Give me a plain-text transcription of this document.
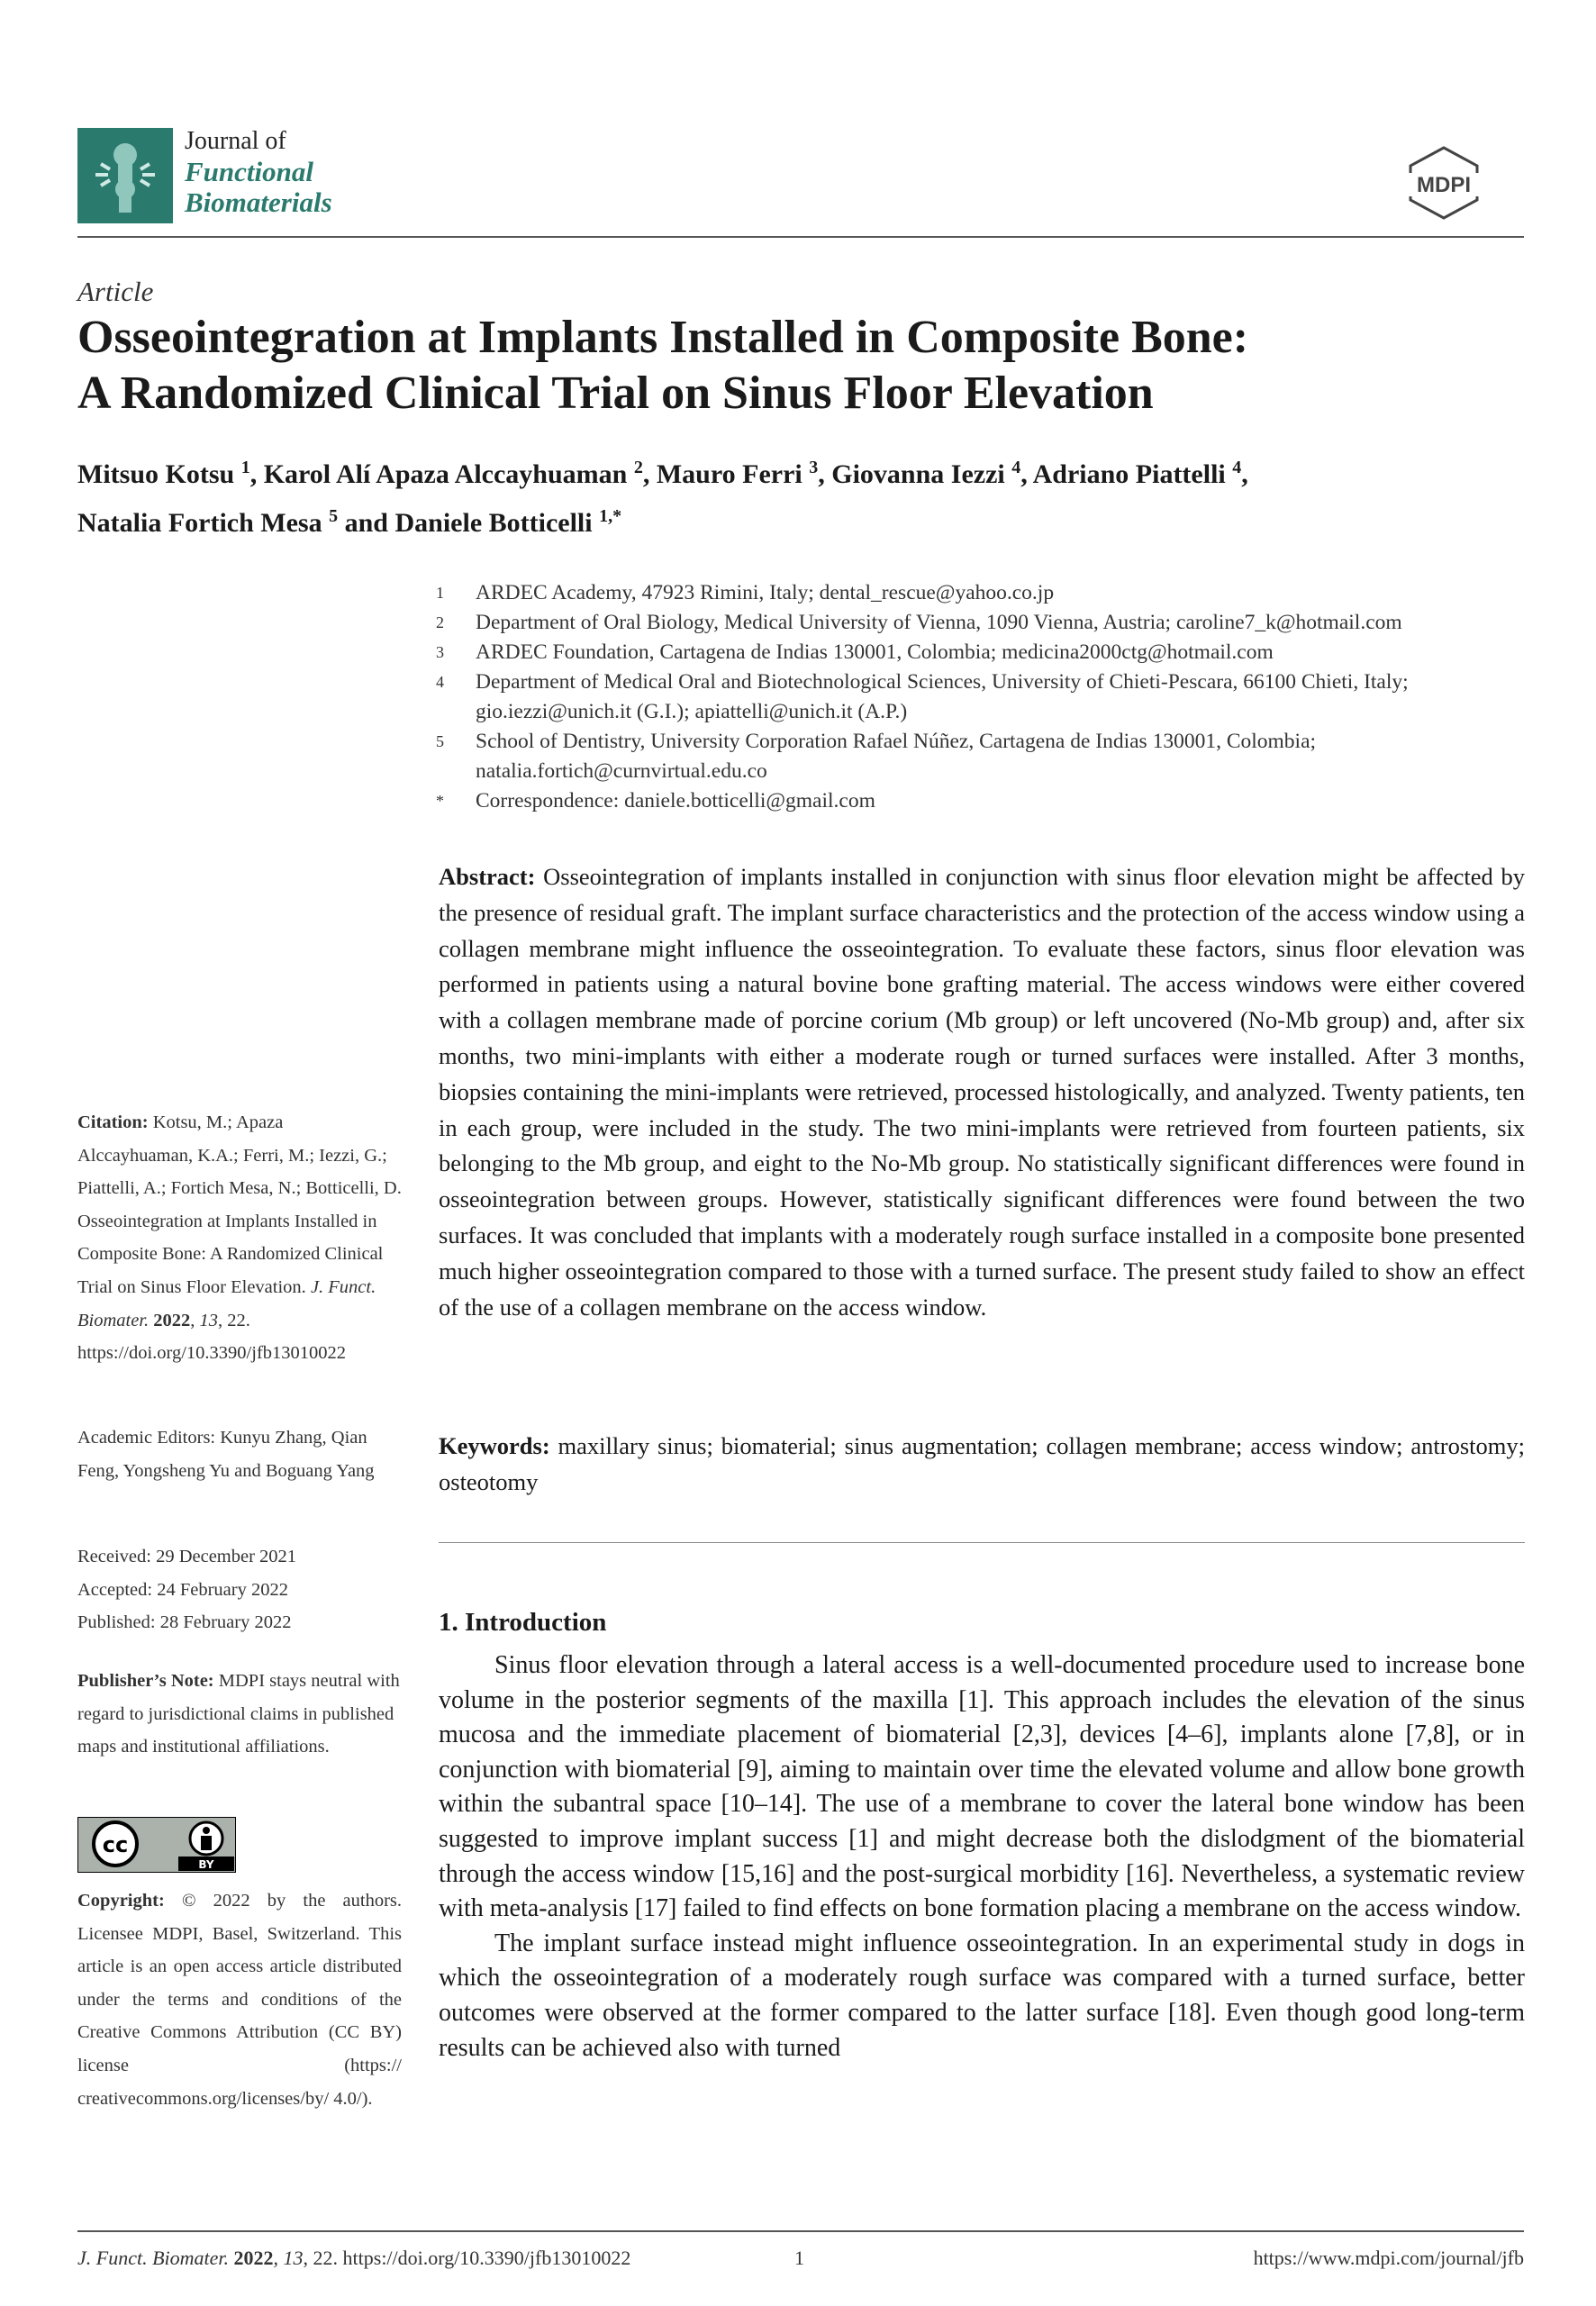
Journal of
Functional
Biomaterials
MDPI
Article
Osseointegration at Implants Installed in Composite Bone:
A Randomized Clinical Trial on Sinus Floor Elevation
Mitsuo Kotsu $^1$, Karol Alí Apaza Alccayhuaman $^2$, Mauro Ferri $^3$, Giovanna Iezzi $^4$, Adriano Piattelli $^4$,
Natalia Fortich Mesa $^5$ and Daniele Botticelli $^{1,*}$
1	ARDEC Academy, 47923 Rimini, Italy; dental_rescue@yahoo.co.jp
2	Department of Oral Biology, Medical University of Vienna, 1090 Vienna, Austria; caroline7_k@hotmail.com
3	ARDEC Foundation, Cartagena de Indias 130001, Colombia; medicina2000ctg@hotmail.com
4	Department of Medical Oral and Biotechnological Sciences, University of Chieti-Pescara, 66100 Chieti, Italy;
gio.iezzi@unich.it (G.I.); apiattelli@unich.it (A.P.)
5	School of Dentistry, University Corporation Rafael Núñez, Cartagena de Indias 130001, Colombia;
natalia.fortich@curnvirtual.edu.co
*	Correspondence: daniele.botticelli@gmail.com
Abstract: Osseointegration of implants installed in conjunction with sinus floor elevation might be affected by the presence of residual graft. The implant surface characteristics and the protection of the access window using a collagen membrane might influence the osseointegration. To evaluate these factors, sinus floor elevation was performed in patients using a natural bovine bone grafting material. The access windows were either covered with a collagen membrane made of porcine corium (Mb group) or left uncovered (No-Mb group) and, after six months, two mini-implants with either a moderate rough or turned surfaces were installed. After 3 months, biopsies containing the mini-implants were retrieved, processed histologically, and analyzed. Twenty patients, ten in each group, were included in the study. The two mini-implants were retrieved from fourteen patients, six belonging to the Mb group, and eight to the No-Mb group. No statistically significant differences were found in osseointegration between groups. However, statistically significant differences were found between the two surfaces. It was concluded that implants with a moderately rough surface installed in a composite bone presented much higher osseointegration compared to those with a turned surface. The present study failed to show an effect of the use of a collagen membrane on the access window.
Keywords: maxillary sinus; biomaterial; sinus augmentation; collagen membrane; access window; antrostomy; osteotomy
1. Introduction

Sinus floor elevation through a lateral access is a well-documented procedure used to increase bone volume in the posterior segments of the maxilla [1]. This approach includes the elevation of the sinus mucosa and the immediate placement of biomaterial [2,3], devices [4–6], implants alone [7,8], or in conjunction with biomaterial [9], aiming to maintain over time the elevated volume and allow bone growth within the subantral space [10–14]. The use of a membrane to cover the lateral bone window has been suggested to improve implant success [1] and might decrease both the dislodgment of the biomaterial through the access window [15,16] and the post-surgical morbidity [16]. Nevertheless, a systematic review with meta-analysis [17] failed to find effects on bone formation placing a membrane on the access window.

The implant surface instead might influence osseointegration. In an experimental study in dogs in which the osseointegration of a moderately rough surface was compared with a turned surface, better outcomes were observed at the former compared to the latter surface [18]. Even though good long-term results can be achieved also with turned

Citation: Kotsu, M.; Apaza Alccayhuaman, K.A.; Ferri, M.; Iezzi, G.; Piattelli, A.; Fortich Mesa, N.; Botticelli, D. Osseointegration at Implants Installed in Composite Bone: A Randomized Clinical Trial on Sinus Floor Elevation. J. Funct. Biomater. 2022, 13, 22. https://doi.org/10.3390/jfb13010022

Academic Editors: Kunyu Zhang, Qian Feng, Yongsheng Yu and Boguang Yang

Received: 29 December 2021

Accepted: 24 February 2022

Published: 28 February 2022

Publisher’s Note: MDPI stays neutral with regard to jurisdictional claims in published maps and institutional affiliations.

cc
BY

Copyright: © 2022 by the authors. Licensee MDPI, Basel, Switzerland. This article is an open access article distributed under the terms and conditions of the Creative Commons Attribution (CC BY) license (https:// creativecommons.org/licenses/by/ 4.0/).

J. Funct. Biomater. 2022, 13, 22. https://doi.org/10.3390/jfb13010022	1	https://www.mdpi.com/journal/jfb
